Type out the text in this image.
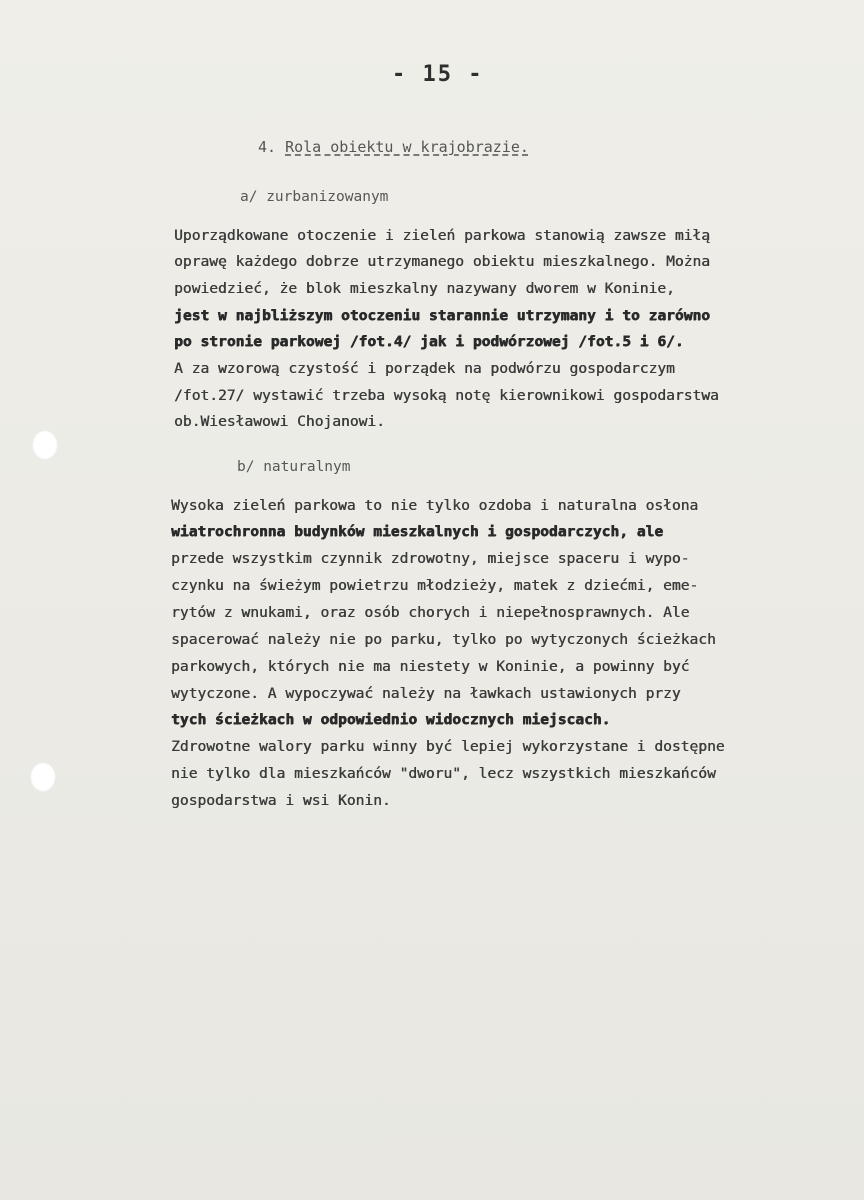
- 15 -
4. Rola obiektu w krajobrazie.
a/ zurbanizowanym
Uporządkowane otoczenie i zieleń parkowa stanowią zawsze miłą
oprawę każdego dobrze utrzymanego obiektu mieszkalnego. Można
powiedzieć, że blok mieszkalny nazywany dworem w Koninie,
jest w najbliższym otoczeniu starannie utrzymany i to zarówno
po stronie parkowej /fot.4/ jak i podwórzowej /fot.5 i 6/.
A za wzorową czystość i porządek na podwórzu gospodarczym
/fot.27/ wystawić trzeba wysoką notę kierownikowi gospodarstwa
ob.Wiesławowi Chojanowi.
b/ naturalnym
Wysoka zieleń parkowa to nie tylko ozdoba i naturalna osłona
wiatrochronna budynków mieszkalnych i gospodarczych, ale
przede wszystkim czynnik zdrowotny, miejsce spaceru i wypo-
czynku na świeżym powietrzu młodzieży, matek z dziećmi, eme-
rytów z wnukami, oraz osób chorych i niepełnosprawnych. Ale
spacerować należy nie po parku, tylko po wytyczonych ścieżkach
parkowych, których nie ma niestety w Koninie, a powinny być
wytyczone. A wypoczywać należy na ławkach ustawionych przy
tych ścieżkach w odpowiednio widocznych miejscach.
Zdrowotne walory parku winny być lepiej wykorzystane i dostępne
nie tylko dla mieszkańców "dworu", lecz wszystkich mieszkańców
gospodarstwa i wsi Konin.
